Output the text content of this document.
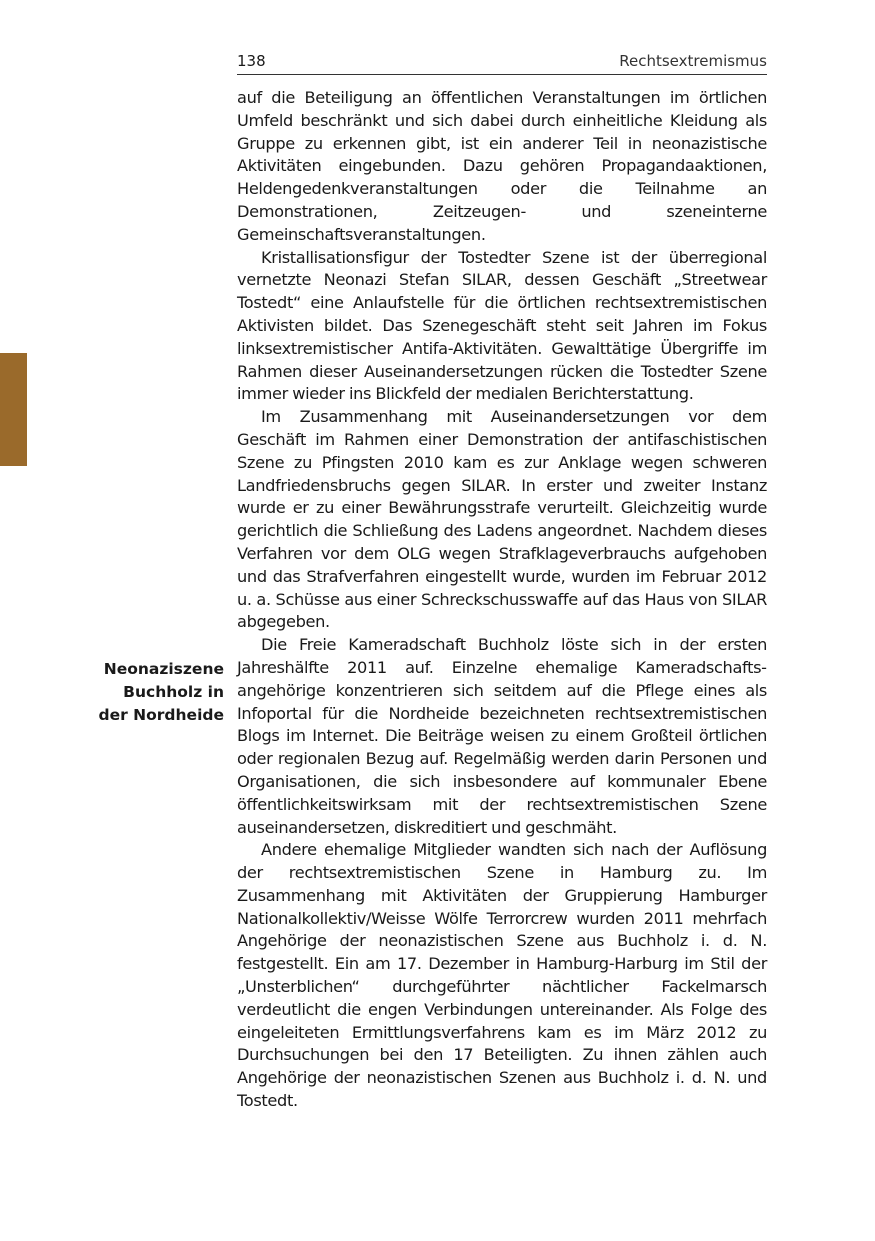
138	Rechtsextremismus
Neonaziszene
Buchholz in
der Nordheide

auf die Beteiligung an öffentlichen Veranstaltungen im örtlichen Umfeld beschränkt und sich dabei durch einheitliche Kleidung als Gruppe zu erkennen gibt, ist ein anderer Teil in neonazistische Aktivitäten eingebunden. Dazu gehören Propagandaaktionen, Heldengedenkveranstaltungen oder die Teilnahme an Demonstrationen, Zeitzeugen- und szeneinterne Gemeinschaftsveranstaltungen.

Kristallisationsfigur der Tostedter Szene ist der überregional vernetzte Neonazi Stefan SILAR, dessen Geschäft „Streetwear Tostedt“ eine Anlaufstelle für die örtlichen rechtsextremistischen Aktivisten bildet. Das Szenegeschäft steht seit Jahren im Fokus linksextremistischer Antifa-Aktivitäten. Gewalttätige Übergriffe im Rahmen dieser Auseinandersetzungen rücken die Tostedter Szene immer wieder ins Blickfeld der medialen Berichterstattung.

Im Zusammenhang mit Auseinandersetzungen vor dem Geschäft im Rahmen einer Demonstration der antifaschistischen Szene zu Pfingsten 2010 kam es zur Anklage wegen schweren Landfriedensbruchs gegen SILAR. In erster und zweiter Instanz wurde er zu einer Bewährungsstrafe verurteilt. Gleichzeitig wurde gerichtlich die Schließung des Ladens angeordnet. Nachdem dieses Verfahren vor dem OLG wegen Strafklageverbrauchs aufgehoben und das Strafverfahren eingestellt wurde, wurden im Februar 2012 u. a. Schüsse aus einer Schreckschusswaffe auf das Haus von SILAR abgegeben.

Die Freie Kameradschaft Buchholz löste sich in der ersten Jahreshälfte 2011 auf. Einzelne ehemalige Kameradschaftsangehörige konzentrieren sich seitdem auf die Pflege eines als Infoportal für die Nordheide bezeichneten rechtsextremistischen Blogs im Internet. Die Beiträge weisen zu einem Großteil örtlichen oder regionalen Bezug auf. Regelmäßig werden darin Personen und Organisationen, die sich insbesondere auf kommunaler Ebene öffentlichkeitswirksam mit der rechtsextremistischen Szene auseinandersetzen, diskreditiert und geschmäht.

Andere ehemalige Mitglieder wandten sich nach der Auflösung der rechtsextremistischen Szene in Hamburg zu. Im Zusammenhang mit Aktivitäten der Gruppierung Hamburger Nationalkollektiv/Weisse Wölfe Terrorcrew wurden 2011 mehrfach Angehörige der neonazistischen Szene aus Buchholz i. d. N. festgestellt. Ein am 17. Dezember in Hamburg-Harburg im Stil der „Unsterblichen“ durchgeführter nächtlicher Fackelmarsch verdeutlicht die engen Verbindungen untereinander. Als Folge des eingeleiteten Ermittlungsverfahrens kam es im März 2012 zu Durchsuchungen bei den 17 Beteiligten. Zu ihnen zählen auch Angehörige der neonazistischen Szenen aus Buchholz i. d. N. und Tostedt.
